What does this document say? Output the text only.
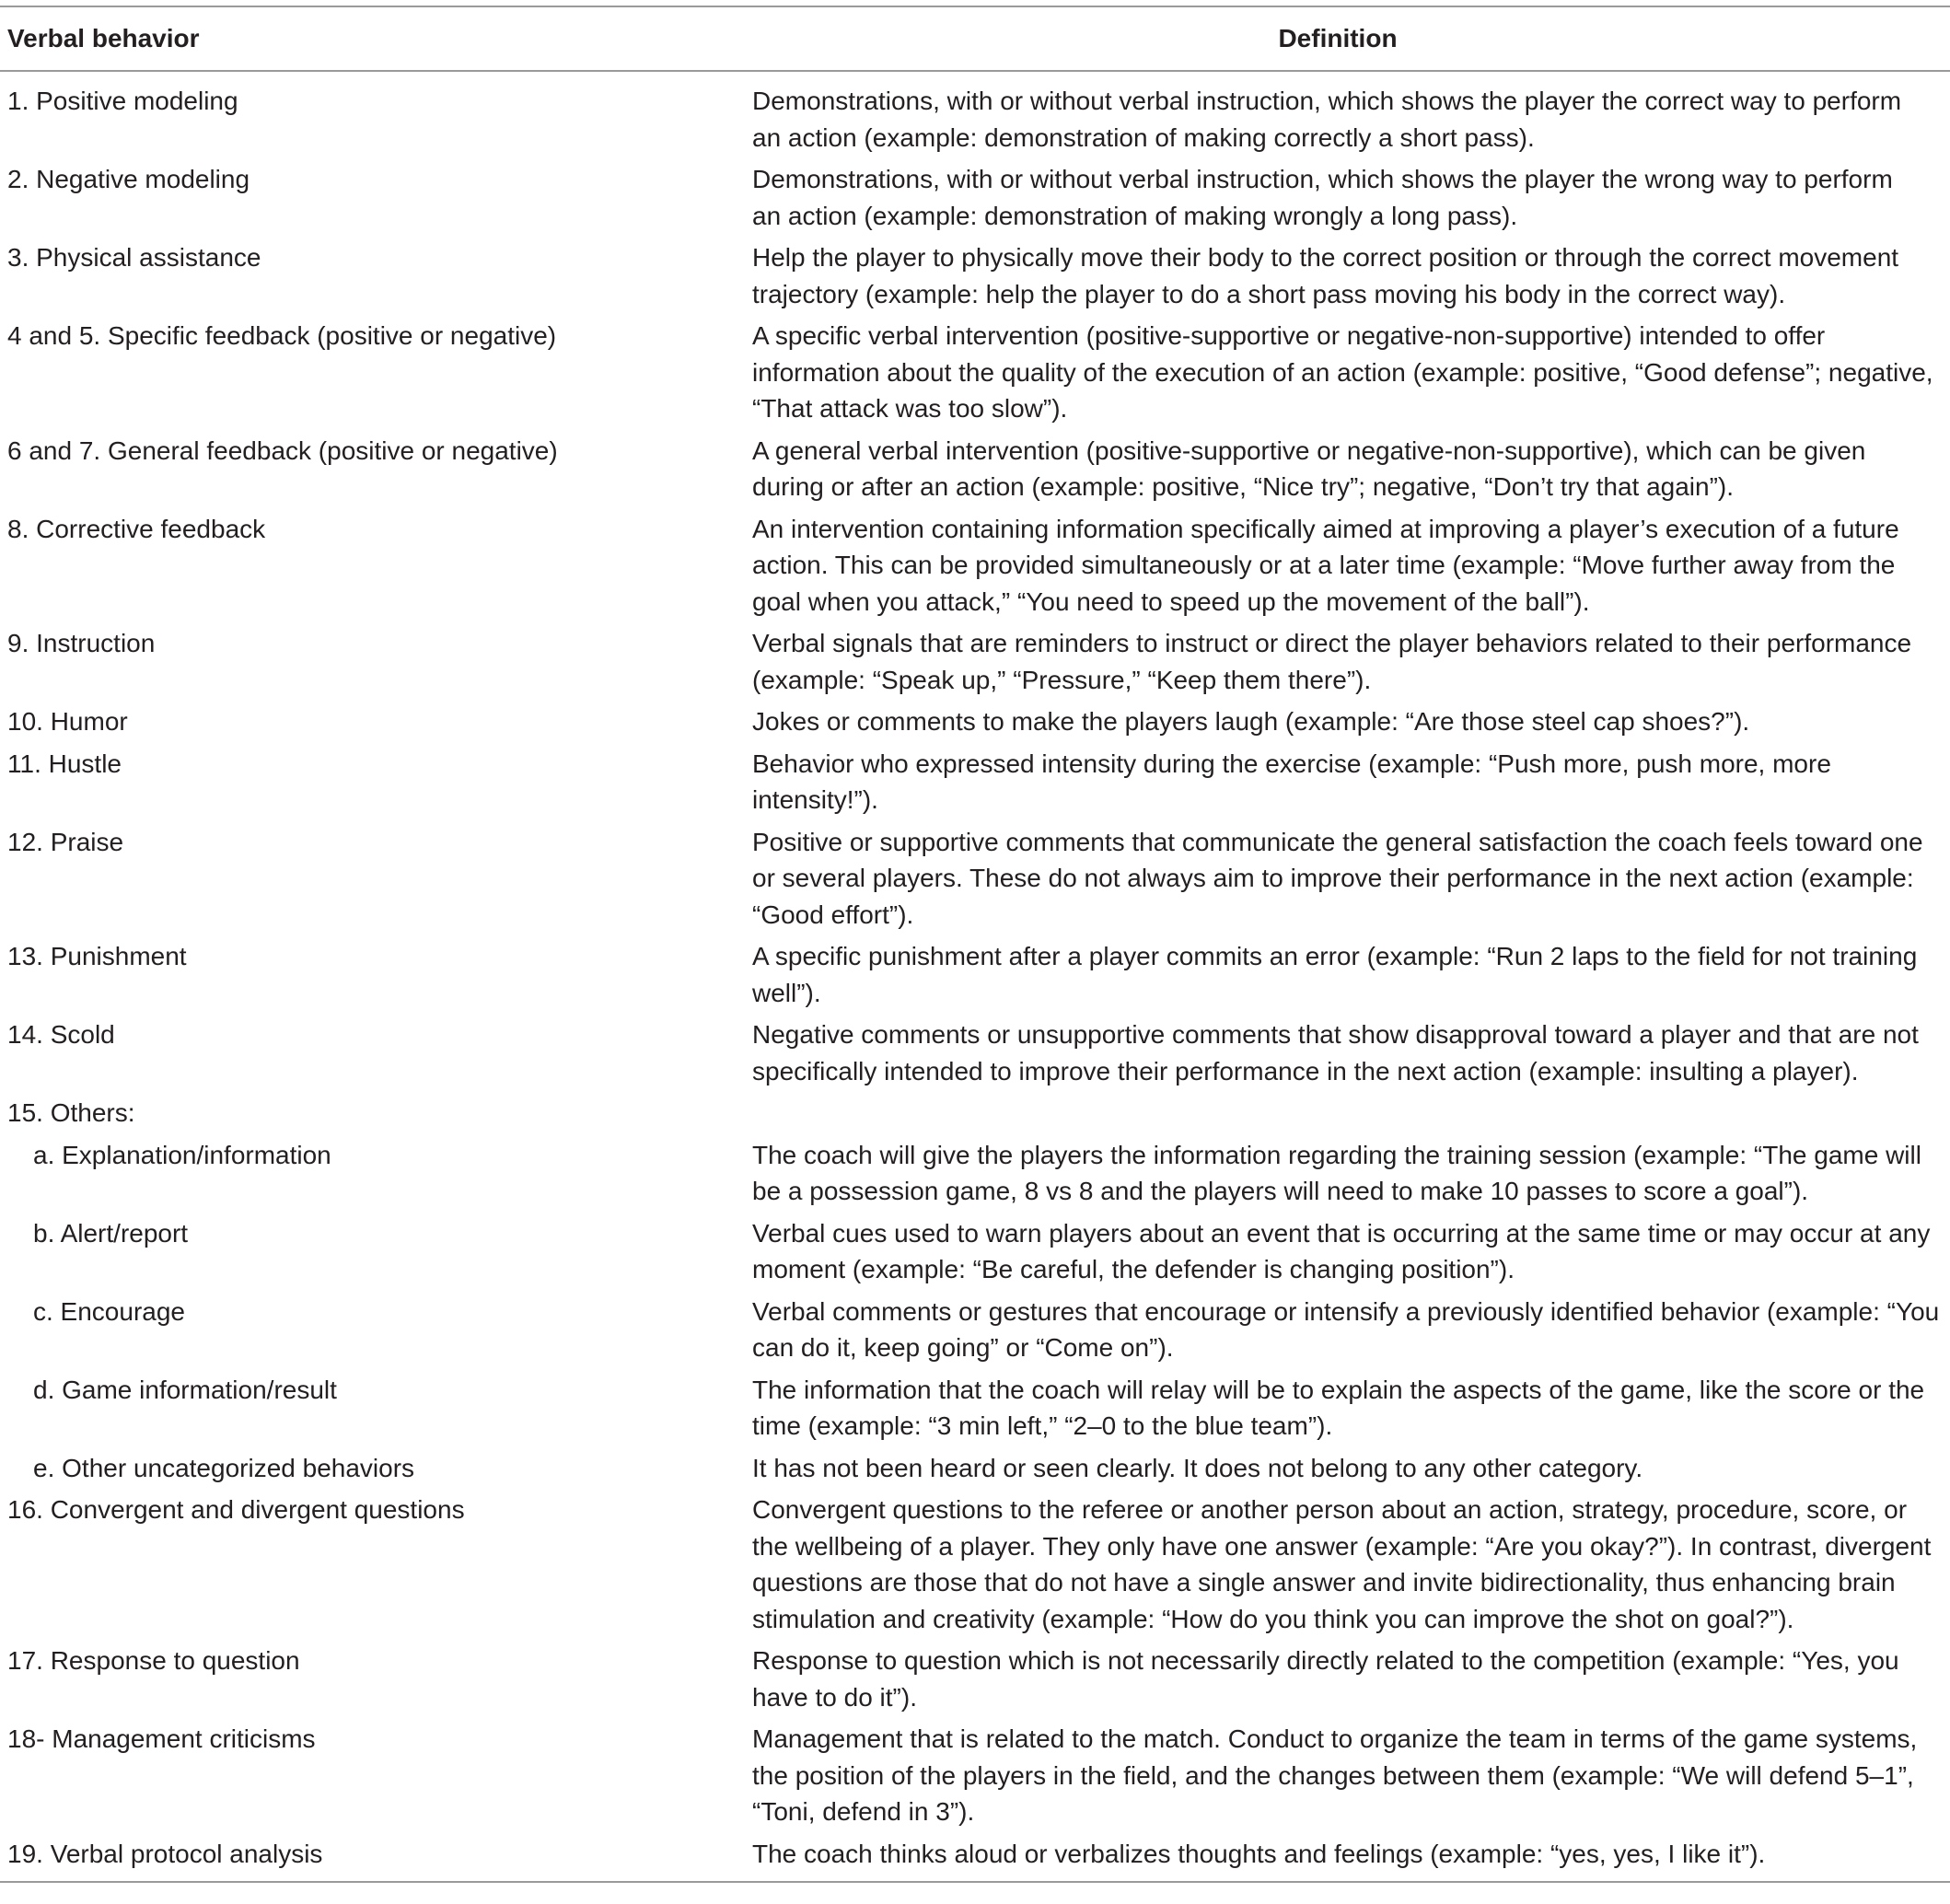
Verbal behavior	Definition
1. Positive modeling	Demonstrations, with or without verbal instruction, which shows the player the correct way to perform
an action (example: demonstration of making correctly a short pass).
2. Negative modeling	Demonstrations, with or without verbal instruction, which shows the player the wrong way to perform
an action (example: demonstration of making wrongly a long pass).
3. Physical assistance	Help the player to physically move their body to the correct position or through the correct movement
trajectory (example: help the player to do a short pass moving his body in the correct way).
4 and 5. Specific feedback (positive or negative)	A specific verbal intervention (positive-supportive or negative-non-supportive) intended to offer
information about the quality of the execution of an action (example: positive, “Good defense”; negative,
“That attack was too slow”).
6 and 7. General feedback (positive or negative)	A general verbal intervention (positive-supportive or negative-non-supportive), which can be given
during or after an action (example: positive, “Nice try”; negative, “Don’t try that again”).
8. Corrective feedback	An intervention containing information specifically aimed at improving a player’s execution of a future
action. This can be provided simultaneously or at a later time (example: “Move further away from the
goal when you attack,” “You need to speed up the movement of the ball”).
9. Instruction	Verbal signals that are reminders to instruct or direct the player behaviors related to their performance
(example: “Speak up,” “Pressure,” “Keep them there”).
10. Humor	Jokes or comments to make the players laugh (example: “Are those steel cap shoes?”).
11. Hustle	Behavior who expressed intensity during the exercise (example: “Push more, push more, more
intensity!”).
12. Praise	Positive or supportive comments that communicate the general satisfaction the coach feels toward one
or several players. These do not always aim to improve their performance in the next action (example:
“Good effort”).
13. Punishment	A specific punishment after a player commits an error (example: “Run 2 laps to the field for not training
well”).
14. Scold	Negative comments or unsupportive comments that show disapproval toward a player and that are not
specifically intended to improve their performance in the next action (example: insulting a player).
15. Others:
a. Explanation/information	The coach will give the players the information regarding the training session (example: “The game will
be a possession game, 8 vs 8 and the players will need to make 10 passes to score a goal”).
b. Alert/report	Verbal cues used to warn players about an event that is occurring at the same time or may occur at any
moment (example: “Be careful, the defender is changing position”).
c. Encourage	Verbal comments or gestures that encourage or intensify a previously identified behavior (example: “You
can do it, keep going” or “Come on”).
d. Game information/result	The information that the coach will relay will be to explain the aspects of the game, like the score or the
time (example: “3 min left,” “2–0 to the blue team”).
e. Other uncategorized behaviors	It has not been heard or seen clearly. It does not belong to any other category.
16. Convergent and divergent questions	Convergent questions to the referee or another person about an action, strategy, procedure, score, or
the wellbeing of a player. They only have one answer (example: “Are you okay?”). In contrast, divergent
questions are those that do not have a single answer and invite bidirectionality, thus enhancing brain
stimulation and creativity (example: “How do you think you can improve the shot on goal?”).
17. Response to question	Response to question which is not necessarily directly related to the competition (example: “Yes, you
have to do it”).
18- Management criticisms	Management that is related to the match. Conduct to organize the team in terms of the game systems,
the position of the players in the field, and the changes between them (example: “We will defend 5–1”,
“Toni, defend in 3”).
19. Verbal protocol analysis	The coach thinks aloud or verbalizes thoughts and feelings (example: “yes, yes, I like it”).
